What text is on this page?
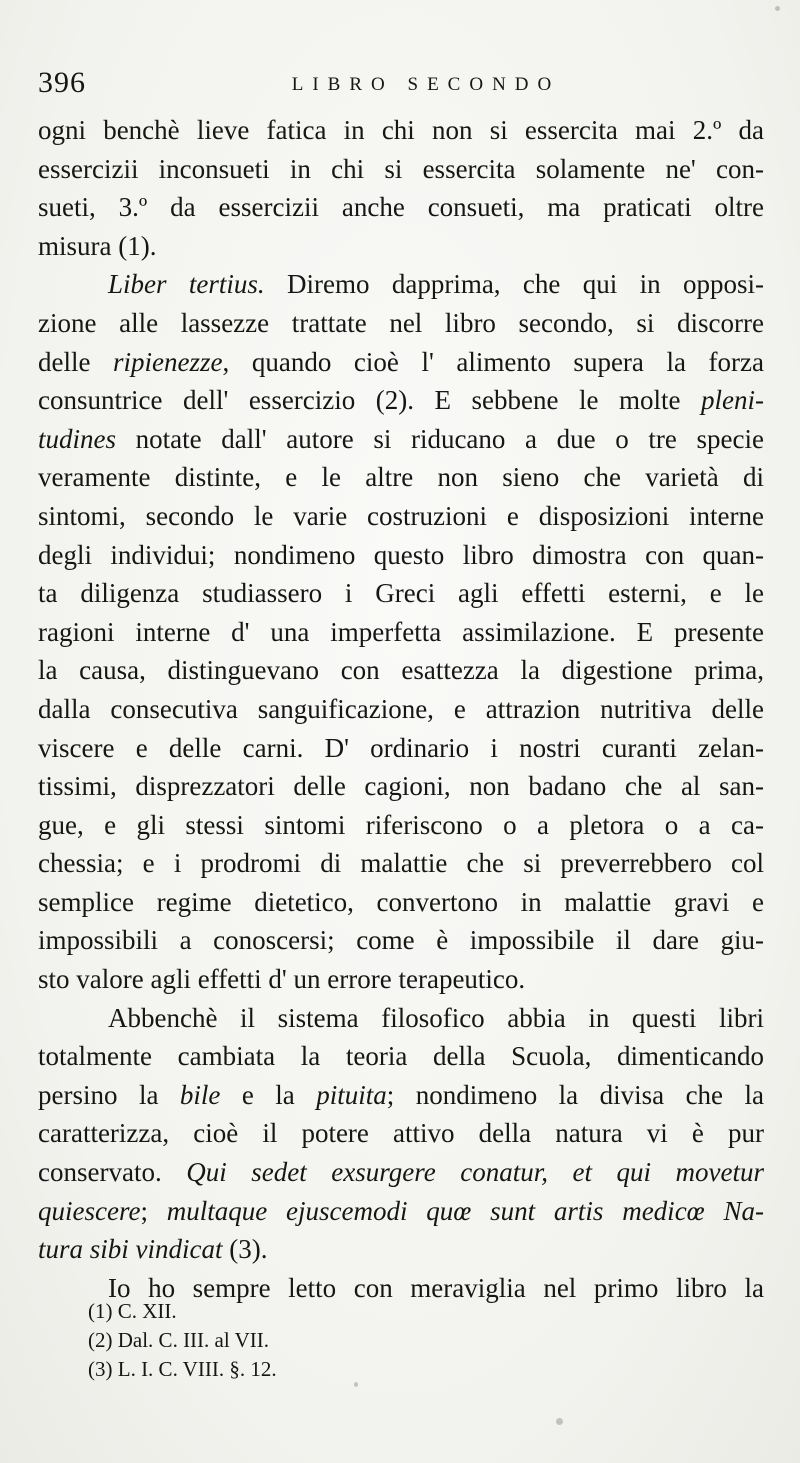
396	LIBRO SECONDO
ogni benchè lieve fatica in chi non si essercita mai 2.º da
essercizii inconsueti in chi si essercita solamente ne' con-
sueti, 3.º da essercizii anche consueti, ma praticati oltre
misura (1).
Liber tertius. Diremo dapprima, che qui in opposi-
zione alle lassezze trattate nel libro secondo, si discorre
delle ripienezze, quando cioè l' alimento supera la forza
consuntrice dell' essercizio (2). E sebbene le molte pleni-
tudines notate dall' autore si riducano a due o tre specie
veramente distinte, e le altre non sieno che varietà di
sintomi, secondo le varie costruzioni e disposizioni interne
degli individui; nondimeno questo libro dimostra con quan-
ta diligenza studiassero i Greci agli effetti esterni, e le
ragioni interne d' una imperfetta assimilazione. E presente
la causa, distinguevano con esattezza la digestione prima,
dalla consecutiva sanguificazione, e attrazion nutritiva delle
viscere e delle carni. D' ordinario i nostri curanti zelan-
tissimi, disprezzatori delle cagioni, non badano che al san-
gue, e gli stessi sintomi riferiscono o a pletora o a ca-
chessia; e i prodromi di malattie che si preverrebbero col
semplice regime dietetico, convertono in malattie gravi e
impossibili a conoscersi; come è impossibile il dare giu-
sto valore agli effetti d' un errore terapeutico.
Abbenchè il sistema filosofico abbia in questi libri
totalmente cambiata la teoria della Scuola, dimenticando
persino la bile e la pituita; nondimeno la divisa che la
caratterizza, cioè il potere attivo della natura vi è pur
conservato. Qui sedet exsurgere conatur, et qui movetur
quiescere; multaque ejuscemodi quœ sunt artis medicœ Na-
tura sibi vindicat (3).
Io ho sempre letto con meraviglia nel primo libro la
(1) C. XII.
(2) Dal. C. III. al VII.
(3) L. I. C. VIII. §. 12.
